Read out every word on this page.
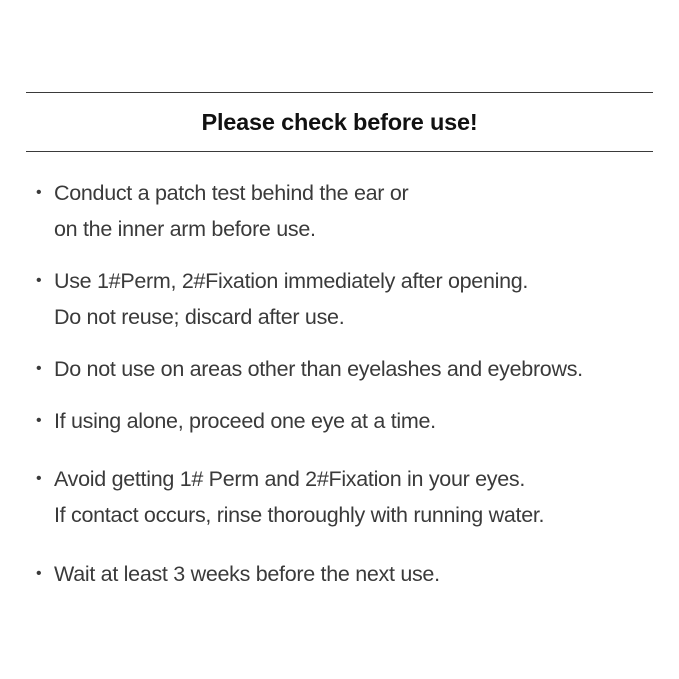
Please check before use!
• Conduct a patch test behind the ear or
on the inner arm before use.
• Use 1#Perm, 2#Fixation immediately after opening.
Do not reuse; discard after use.
• Do not use on areas other than eyelashes and eyebrows.
• If using alone, proceed one eye at a time.
• Avoid getting 1# Perm and 2#Fixation in your eyes.
If contact occurs, rinse thoroughly with running water.
• Wait at least 3 weeks before the next use.
